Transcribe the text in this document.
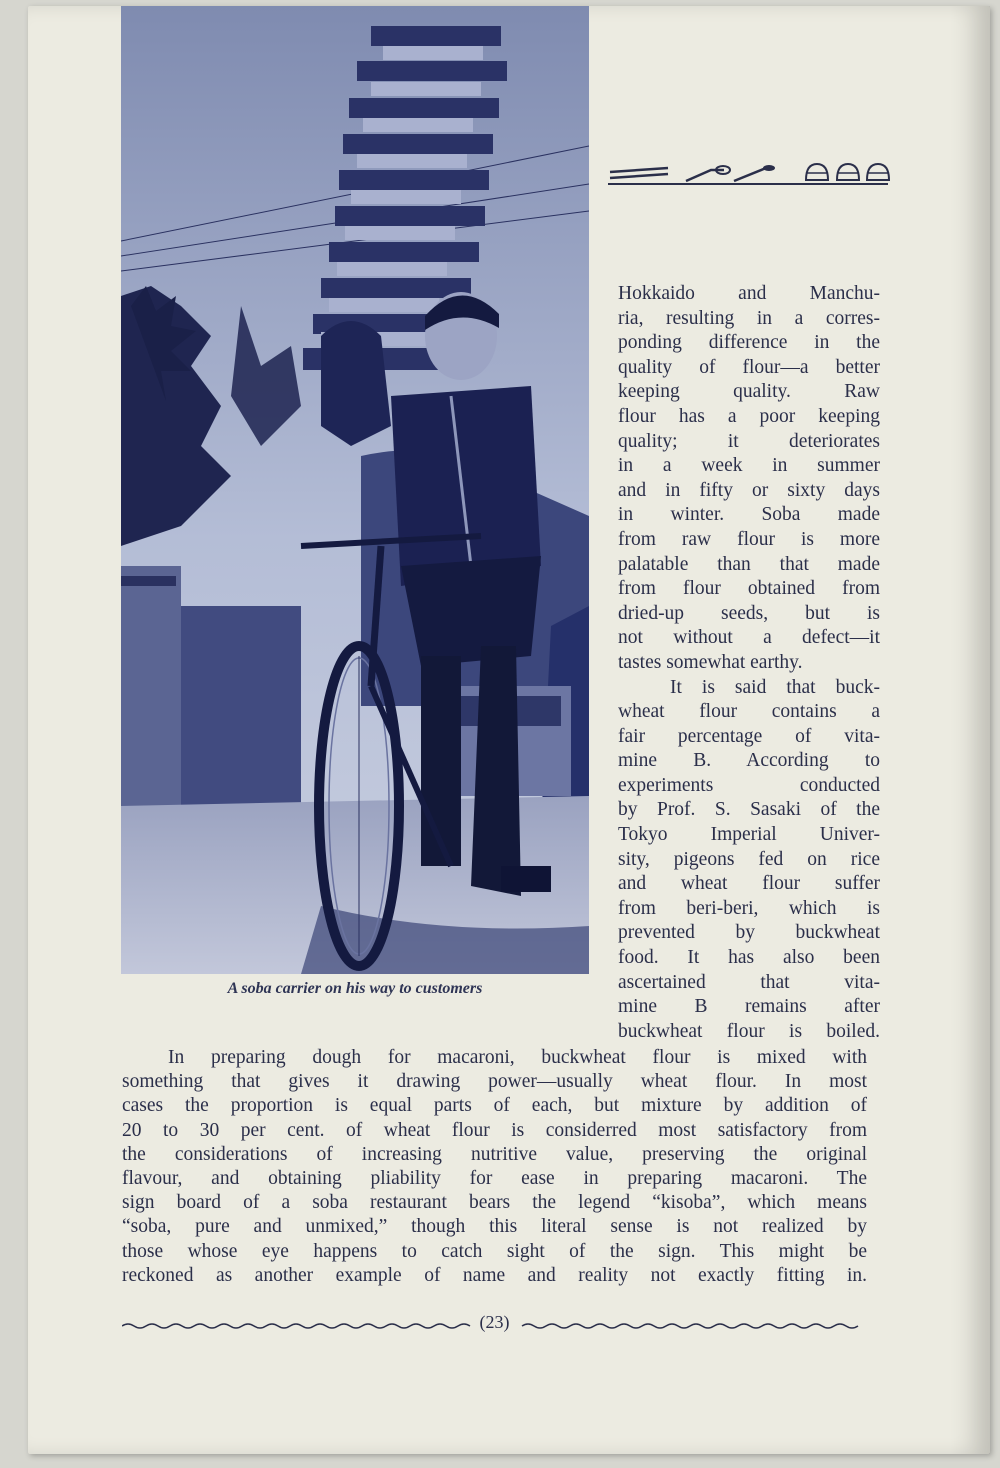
A soba carrier on his way to customers
Hokkaido and Manchu-
ria, resulting in a corres-
ponding difference in the
quality of flour—a better
keeping quality. Raw
flour has a poor keeping
quality; it deteriorates
in a week in summer
and in fifty or sixty days
in winter. Soba made
from raw flour is more
palatable than that made
from flour obtained from
dried-up seeds, but is
not without a defect—it
tastes somewhat earthy.
It is said that buck-
wheat flour contains a
fair percentage of vita-
mine B. According to
experiments conducted
by Prof. S. Sasaki of the
Tokyo Imperial Univer-
sity, pigeons fed on rice
and wheat flour suffer
from beri-beri, which is
prevented by buckwheat
food. It has also been
ascertained that vita-
mine B remains after
buckwheat flour is boiled.
In preparing dough for macaroni, buckwheat flour is mixed with
something that gives it drawing power—usually wheat flour. In most
cases the proportion is equal parts of each, but mixture by addition of
20 to 30 per cent. of wheat flour is considerred most satisfactory from
the considerations of increasing nutritive value, preserving the original
flavour, and obtaining pliability for ease in preparing macaroni. The
sign board of a soba restaurant bears the legend “kisoba”, which means
“soba, pure and unmixed,” though this literal sense is not realized by
those whose eye happens to catch sight of the sign. This might be
reckoned as another example of name and reality not exactly fitting in.
(23)
